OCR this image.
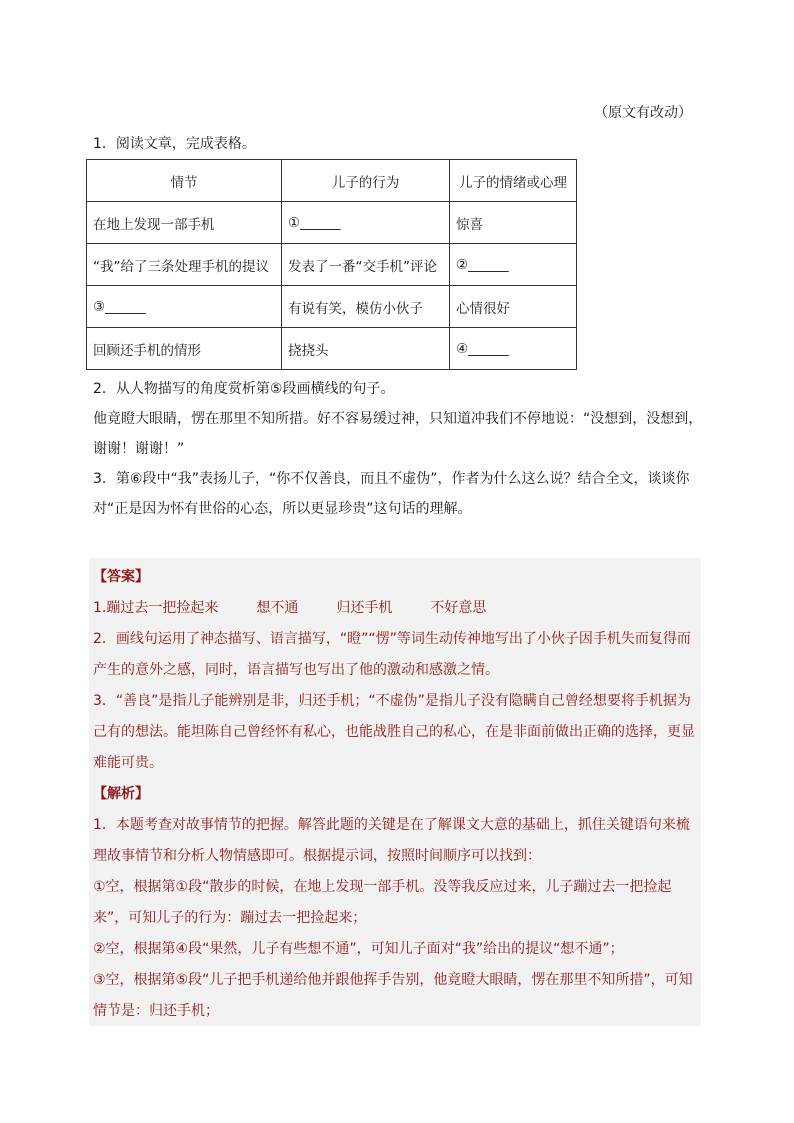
（原文有改动）
1．阅读文章，完成表格。
情节	儿子的行为	儿子的情绪或心理
在地上发现一部手机	①______	惊喜
“我”给了三条处理手机的提议	发表了一番“交手机”评论	②______
③______	有说有笑，模仿小伙子	心情很好
回顾还手机的情形	挠挠头	④______
2．从人物描写的角度赏析第⑤段画横线的句子。
他竟瞪大眼睛，愣在那里不知所措。好不容易缓过神，只知道冲我们不停地说：“没想到，没想到，谢谢！谢谢！”
3．第⑥段中“我”表扬儿子，“你不仅善良，而且不虚伪”，作者为什么这么说？结合全文，谈谈你对“正是因为怀有世俗的心态，所以更显珍贵”这句话的理解。
【答案】
1.蹦过去一把捡起来	想不通	归还手机	不好意思
2．画线句运用了神态描写、语言描写，“瞪”“愣”等词生动传神地写出了小伙子因手机失而复得而产生的意外之感，同时，语言描写也写出了他的激动和感激之情。
3．“善良”是指儿子能辨别是非，归还手机；“不虚伪”是指儿子没有隐瞒自己曾经想要将手机据为己有的想法。能坦陈自己曾经怀有私心，也能战胜自己的私心，在是非面前做出正确的选择，更显难能可贵。
【解析】
1．本题考查对故事情节的把握。解答此题的关键是在了解课文大意的基础上，抓住关键语句来梳理故事情节和分析人物情感即可。根据提示词，按照时间顺序可以找到：
①空，根据第①段“散步的时候，在地上发现一部手机。没等我反应过来，儿子蹦过去一把捡起来”，可知儿子的行为：蹦过去一把捡起来；
②空，根据第④段“果然，儿子有些想不通”，可知儿子面对“我”给出的提议“想不通”；
③空，根据第⑤段“儿子把手机递给他并跟他挥手告别，他竟瞪大眼睛，愣在那里不知所措”，可知情节是：归还手机；
